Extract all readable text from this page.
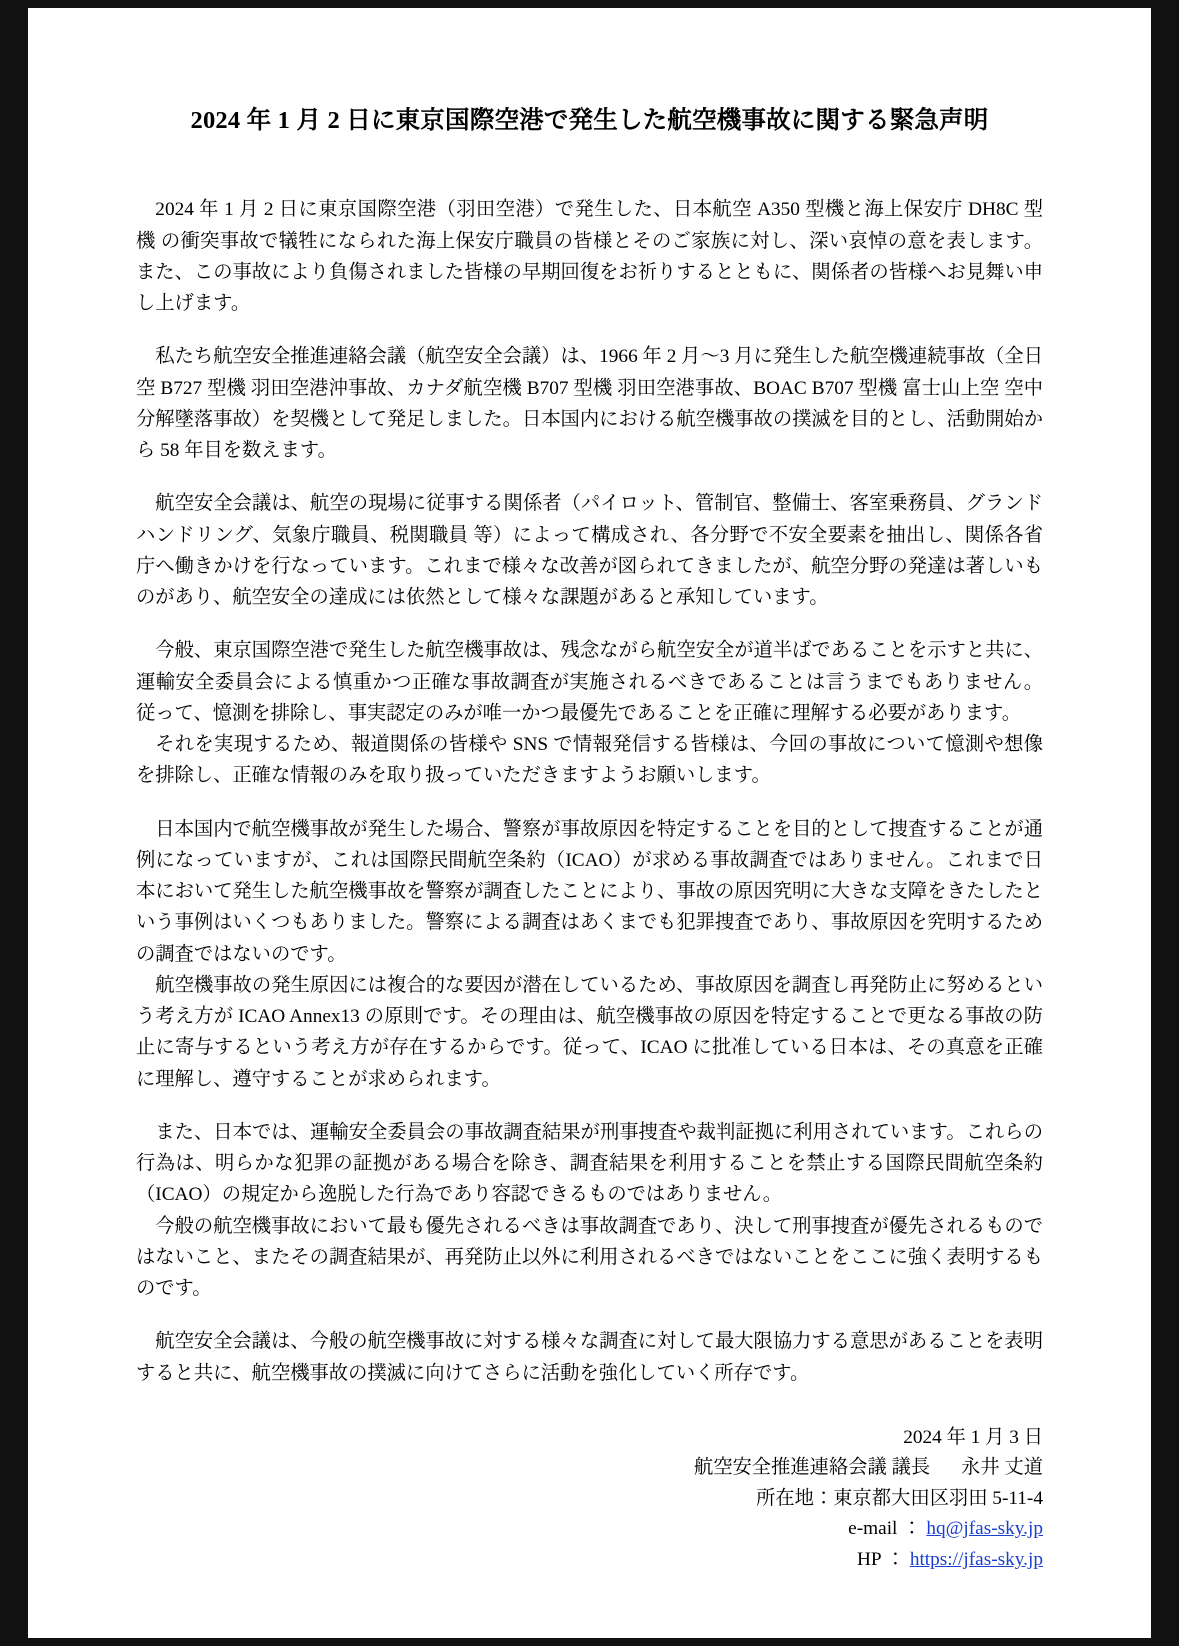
2024 年 1 月 2 日に東京国際空港で発生した航空機事故に関する緊急声明

2024 年 1 月 2 日に東京国際空港（羽田空港）で発生した、日本航空 A350 型機と海上保安庁 DH8C 型機 の衝突事故で犠牲になられた海上保安庁職員の皆様とそのご家族に対し、深い哀悼の意を表します。また、この事故により負傷されました皆様の早期回復をお祈りするとともに、関係者の皆様へお見舞い申し上げます。

私たち航空安全推進連絡会議（航空安全会議）は、1966 年 2 月〜3 月に発生した航空機連続事故（全日空 B727 型機 羽田空港沖事故、カナダ航空機 B707 型機 羽田空港事故、BOAC B707 型機 富士山上空 空中分解墜落事故）を契機として発足しました。日本国内における航空機事故の撲滅を目的とし、活動開始から 58 年目を数えます。

航空安全会議は、航空の現場に従事する関係者（パイロット、管制官、整備士、客室乗務員、グランドハンドリング、気象庁職員、税関職員 等）によって構成され、各分野で不安全要素を抽出し、関係各省庁へ働きかけを行なっています。これまで様々な改善が図られてきましたが、航空分野の発達は著しいものがあり、航空安全の達成には依然として様々な課題があると承知しています。

今般、東京国際空港で発生した航空機事故は、残念ながら航空安全が道半ばであることを示すと共に、運輸安全委員会による慎重かつ正確な事故調査が実施されるべきであることは言うまでもありません。従って、憶測を排除し、事実認定のみが唯一かつ最優先であることを正確に理解する必要があります。

それを実現するため、報道関係の皆様や SNS で情報発信する皆様は、今回の事故について憶測や想像を排除し、正確な情報のみを取り扱っていただきますようお願いします。

日本国内で航空機事故が発生した場合、警察が事故原因を特定することを目的として捜査することが通例になっていますが、これは国際民間航空条約（ICAO）が求める事故調査ではありません。これまで日本において発生した航空機事故を警察が調査したことにより、事故の原因究明に大きな支障をきたしたという事例はいくつもありました。警察による調査はあくまでも犯罪捜査であり、事故原因を究明するための調査ではないのです。

航空機事故の発生原因には複合的な要因が潜在しているため、事故原因を調査し再発防止に努めるという考え方が ICAO Annex13 の原則です。その理由は、航空機事故の原因を特定することで更なる事故の防止に寄与するという考え方が存在するからです。従って、ICAO に批准している日本は、その真意を正確に理解し、遵守することが求められます。

また、日本では、運輸安全委員会の事故調査結果が刑事捜査や裁判証拠に利用されています。これらの行為は、明らかな犯罪の証拠がある場合を除き、調査結果を利用することを禁止する国際民間航空条約（ICAO）の規定から逸脱した行為であり容認できるものではありません。

今般の航空機事故において最も優先されるべきは事故調査であり、決して刑事捜査が優先されるものではないこと、またその調査結果が、再発防止以外に利用されるべきではないことをここに強く表明するものです。

航空安全会議は、今般の航空機事故に対する様々な調査に対して最大限協力する意思があることを表明すると共に、航空機事故の撲滅に向けてさらに活動を強化していく所存です。

2024 年 1 月 3 日
航空安全推進連絡会議 議長 永井 丈道
所在地：東京都大田区羽田 5-11-4
e-mail ： hq@jfas-sky.jp
HP ： https://jfas-sky.jp
